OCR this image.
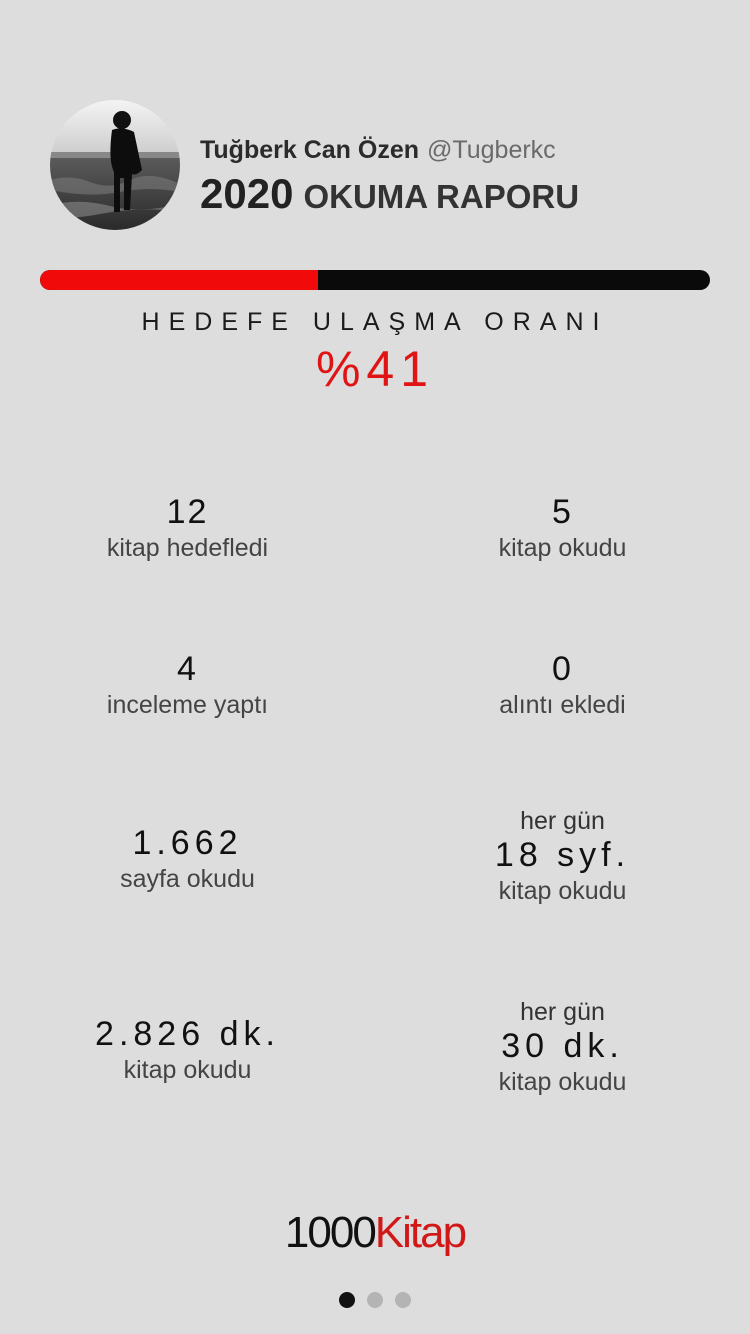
Tuğberk Can Özen @Tugberkc
2020 OKUMA RAPORU
HEDEFE ULAŞMA ORANI
%41
12
kitap hedefledi
5
kitap okudu
4
inceleme yaptı
0
alıntı ekledi
1.662
sayfa okudu
her gün
18 syf.
kitap okudu
2.826 dk.
kitap okudu
her gün
30 dk.
kitap okudu
1000Kitap
